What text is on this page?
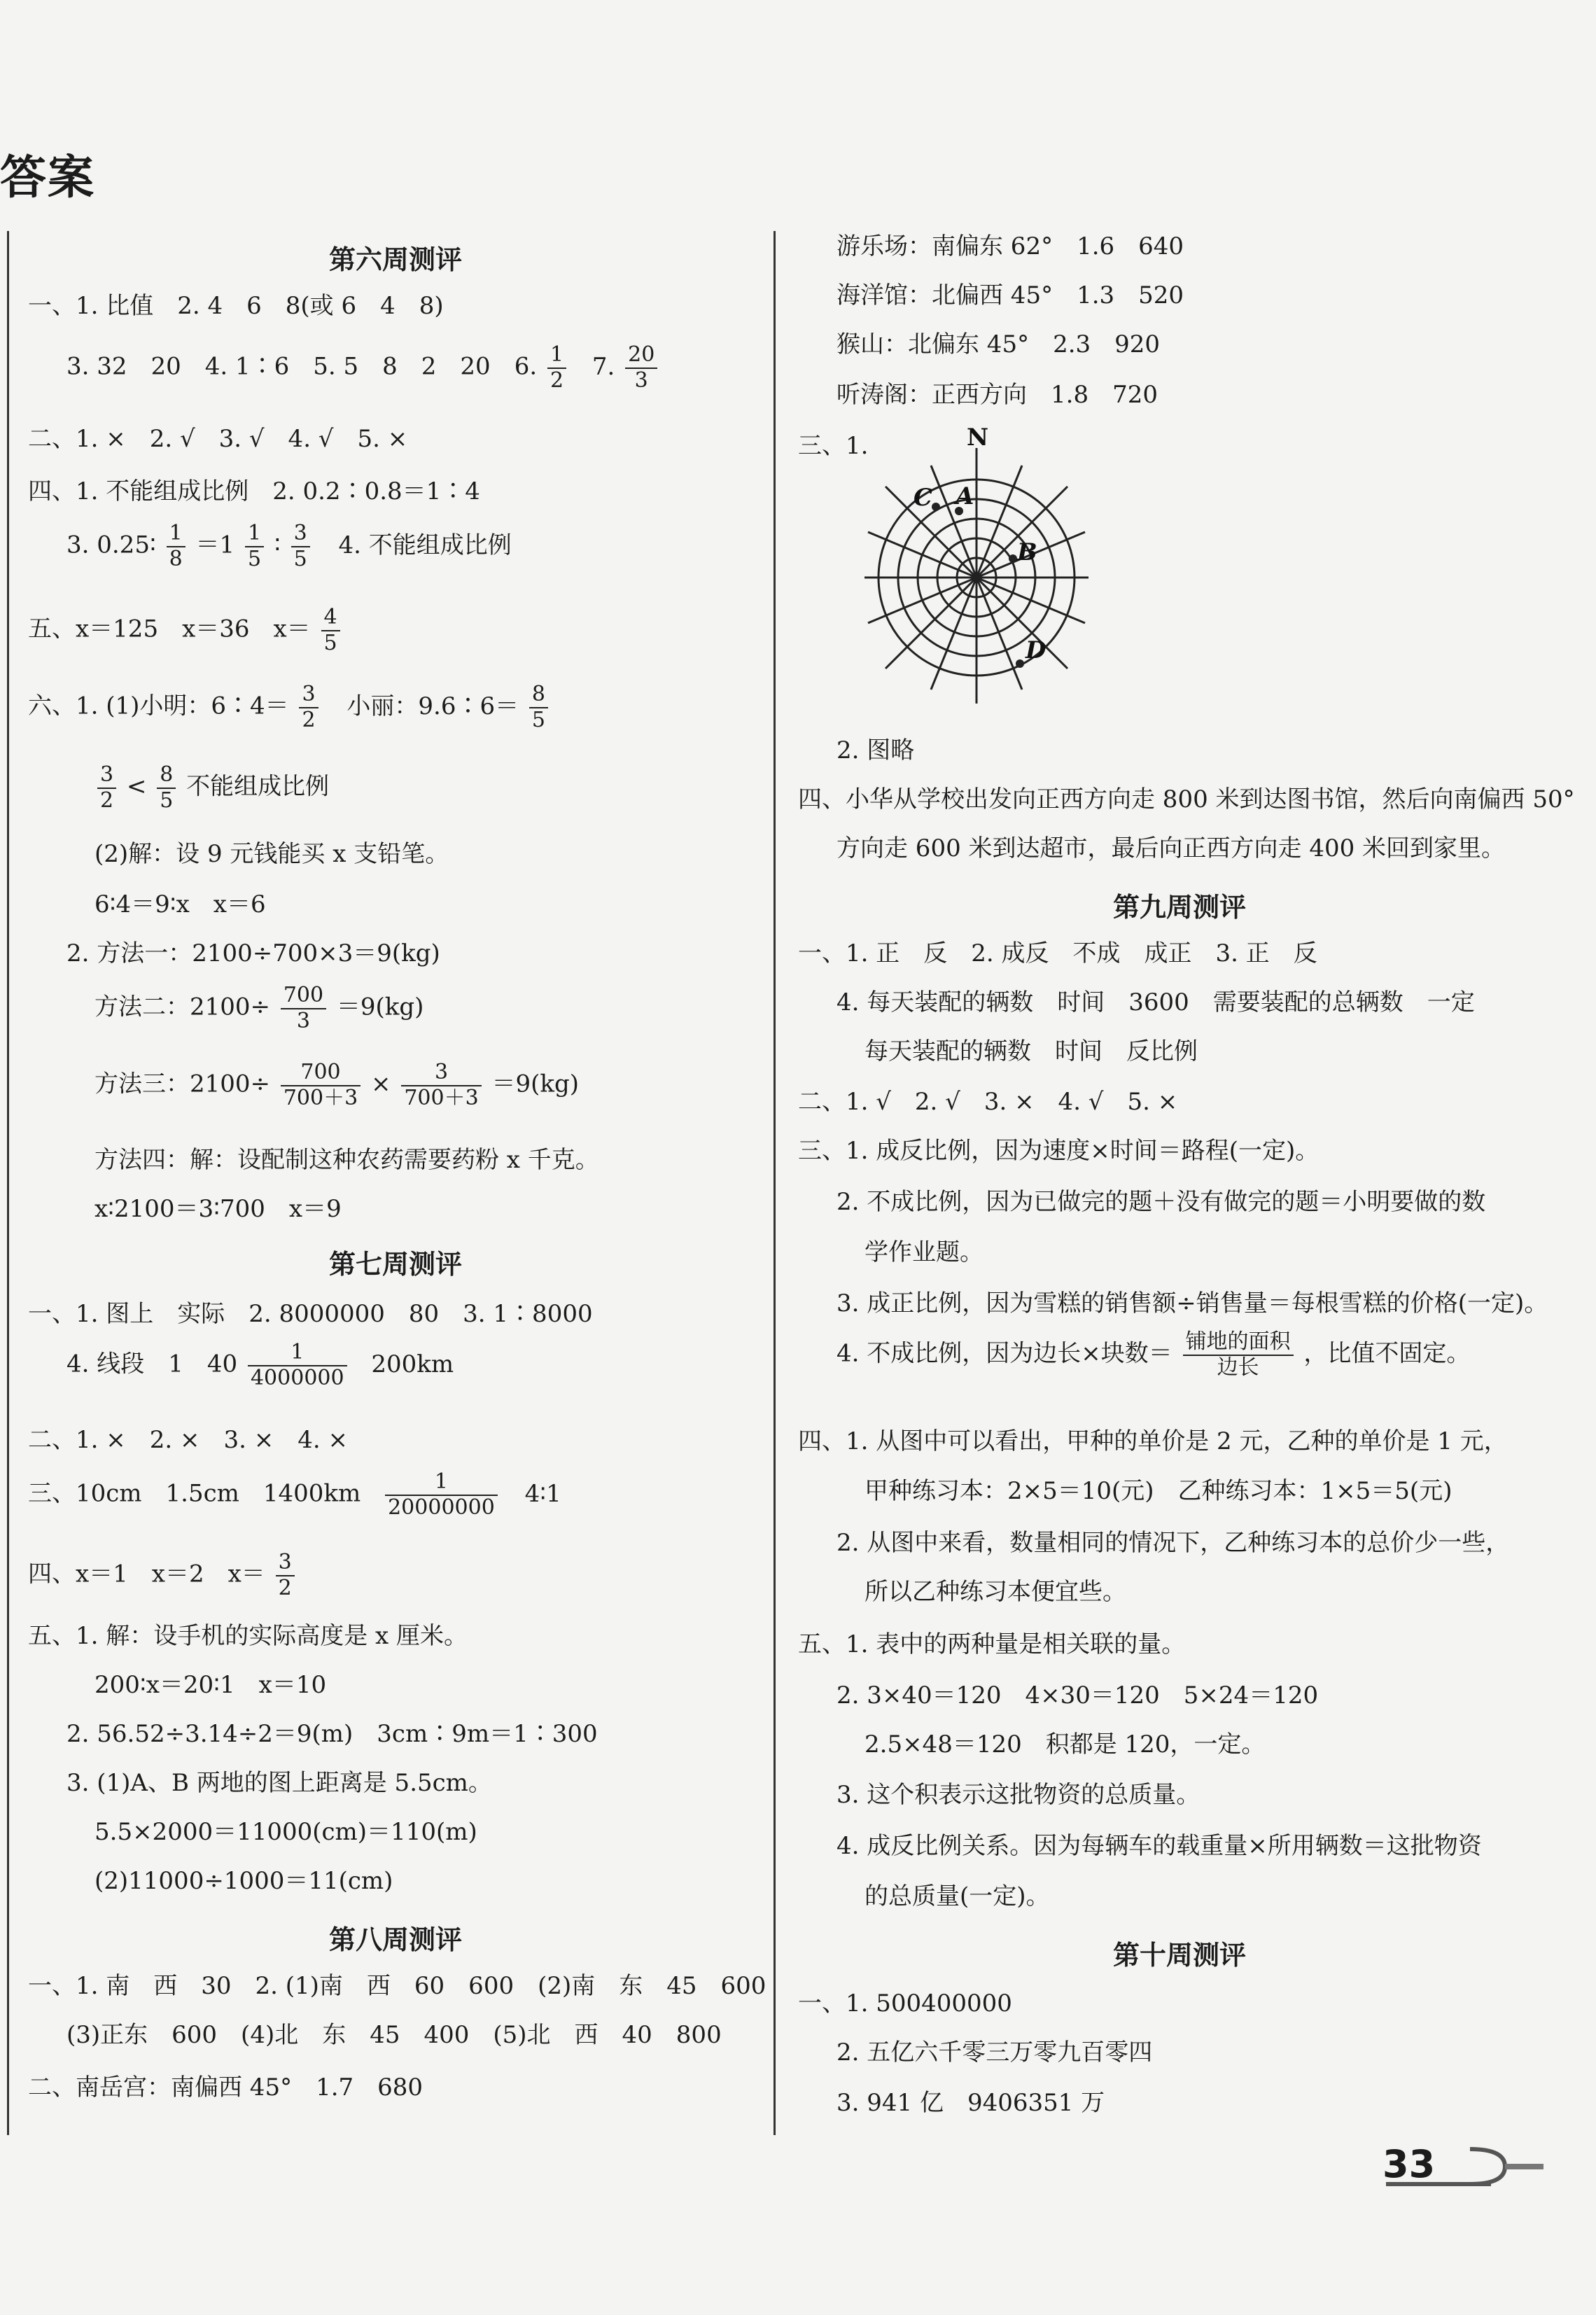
答案
第六周测评
一、1. 比值　2. 4　6　8(或 6　4　8)
3. 32　20　4. 1∶6　5. 5　8　2　20　6. $\frac{1}{2} 7$. $\frac{20}{3}$
二、1. ×　2. √　3. √　4. √　5. ×
四、1. 不能组成比例　2. 0.2∶0.8＝1∶4
3. 0.25∶ $\frac{1}{8} =1 \frac{1}{5}$ ∶ $\frac{3}{5} 4$. 不能组成比例
五、x＝125　x＝36　$x= \frac{4}{5}$
六、1. (1)小明：6∶4＝ $\frac{3}{2}$ 小丽：9.6∶6＝ $\frac{8}{5}$
$\frac{3}{2} < \frac{8}{5}$ 不能组成比例
(2)解：设 9 元钱能买 x 支铅笔。
6∶4＝9∶x　x＝6
2. 方法一：2100÷700×3＝9(kg)
方法二：$2100\div \frac{700}{3} =9(kg)$
方法三：$2100\div \frac{700}{700+3} \times \frac{3}{700+3} =9(kg)$
方法四：解：设配制这种农药需要药粉 x 千克。
x∶2100＝3∶700　x＝9
第七周测评
一、1. 图上　实际　2. 8000000　80　3. 1∶8000
4. 线段　1　$40 \frac{1}{4000000} 200km$
二、1. ×　2. ×　3. ×　4. ×
三、10cm　1.5cm　$1400km \frac{1}{20000000}$ 4∶1
四、x＝1　x＝2　$x= \frac{3}{2}$
五、1. 解：设手机的实际高度是 x 厘米。
200∶x＝20∶1　x＝10
2. 56.52÷3.14÷2＝9(m)　3cm∶9m＝1∶300
3. (1)A、B 两地的图上距离是 5.5cm。
5.5×2000＝11000(cm)＝110(m)
(2)11000÷1000＝11(cm)
第八周测评
一、1. 南　西　30　2. (1)南　西　60　600　(2)南　东　45　600
(3)正东　600　(4)北　东　45　400　(5)北　西　40　800
二、南岳宫：南偏西 45°　1.7　680
游乐场：南偏东 62°　1.6　640
海洋馆：北偏西 45°　1.3　520
猴山：北偏东 45°　2.3　920
听涛阁：正西方向　1.8　720
三、1.	N
A
B
C
D
2. 图略
四、小华从学校出发向正西方向走 800 米到达图书馆，然后向南偏西 50°
方向走 600 米到达超市，最后向正西方向走 400 米回到家里。
第九周测评
一、1. 正　反　2. 成反　不成　成正　3. 正　反
4. 每天装配的辆数　时间　3600　需要装配的总辆数　一定
每天装配的辆数　时间　反比例
二、1. √　2. √　3. ×　4. √　5. ×
三、1. 成反比例，因为速度×时间＝路程(一定)。
2. 不成比例，因为已做完的题＋没有做完的题＝小明要做的数
学作业题。
3. 成正比例，因为雪糕的销售额÷销售量＝每根雪糕的价格(一定)。
4. 不成比例，因为边长×块数＝ $\frac{\text{铺地的面积}}{\text{边长}}$ ，比值不固定。
四、1. 从图中可以看出，甲种的单价是 2 元，乙种的单价是 1 元，
甲种练习本：2×5＝10(元)　乙种练习本：1×5＝5(元)
2. 从图中来看，数量相同的情况下，乙种练习本的总价少一些，
所以乙种练习本便宜些。
五、1. 表中的两种量是相关联的量。
2. 3×40＝120　4×30＝120　5×24＝120
2.5×48＝120　积都是 120，一定。
3. 这个积表示这批物资的总质量。
4. 成反比例关系。因为每辆车的载重量×所用辆数＝这批物资
的总质量(一定)。
第十周测评
一、1. 500400000
2. 五亿六千零三万零九百零四
3. 941 亿　9406351 万
33
